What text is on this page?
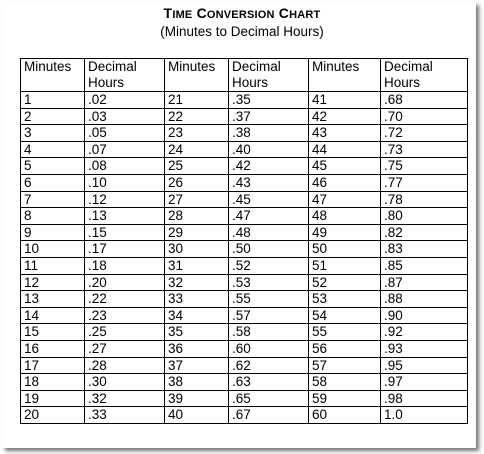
TIME CONVERSION CHART
(Minutes to Decimal Hours)
Minutes	Decimal Hours	Minutes	Decimal Hours	Minutes	Decimal Hours
1	.02	21	.35	41	.68
2	.03	22	.37	42	.70
3	.05	23	.38	43	.72
4	.07	24	.40	44	.73
5	.08	25	.42	45	.75
6	.10	26	.43	46	.77
7	.12	27	.45	47	.78
8	.13	28	.47	48	.80
9	.15	29	.48	49	.82
10	.17	30	.50	50	.83
11	.18	31	.52	51	.85
12	.20	32	.53	52	.87
13	.22	33	.55	53	.88
14	.23	34	.57	54	.90
15	.25	35	.58	55	.92
16	.27	36	.60	56	.93
17	.28	37	.62	57	.95
18	.30	38	.63	58	.97
19	.32	39	.65	59	.98
20	.33	40	.67	60	1.0
